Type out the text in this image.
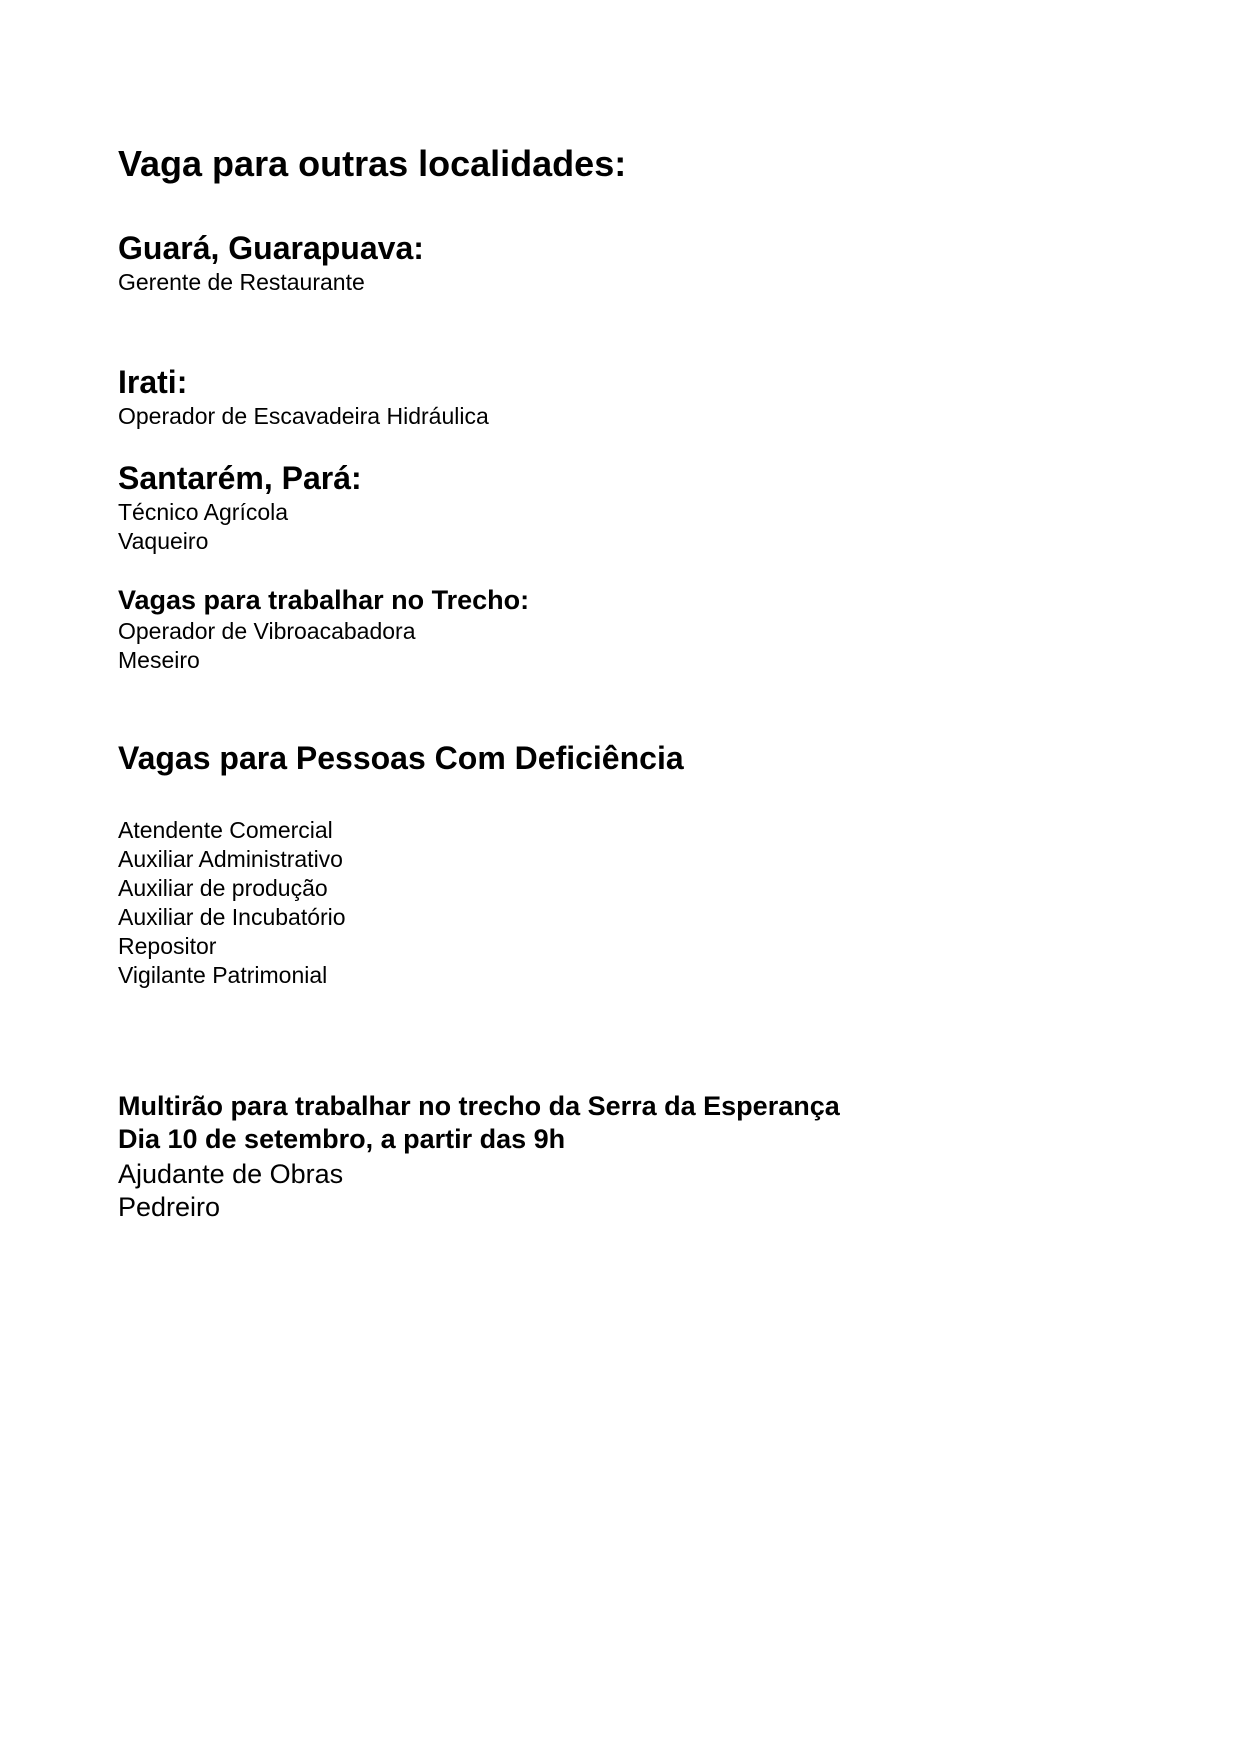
Vaga para outras localidades:
Guará, Guarapuava:
Gerente de Restaurante
Irati:
Operador de Escavadeira Hidráulica
Santarém, Pará:
Técnico Agrícola
Vaqueiro
Vagas para trabalhar no Trecho:
Operador de Vibroacabadora
Meseiro
Vagas para Pessoas Com Deficiência
Atendente Comercial
Auxiliar Administrativo
Auxiliar de produção
Auxiliar de Incubatório
Repositor
Vigilante Patrimonial
Multirão para trabalhar no trecho da Serra da Esperança
Dia 10 de setembro, a partir das 9h
Ajudante de Obras
Pedreiro
